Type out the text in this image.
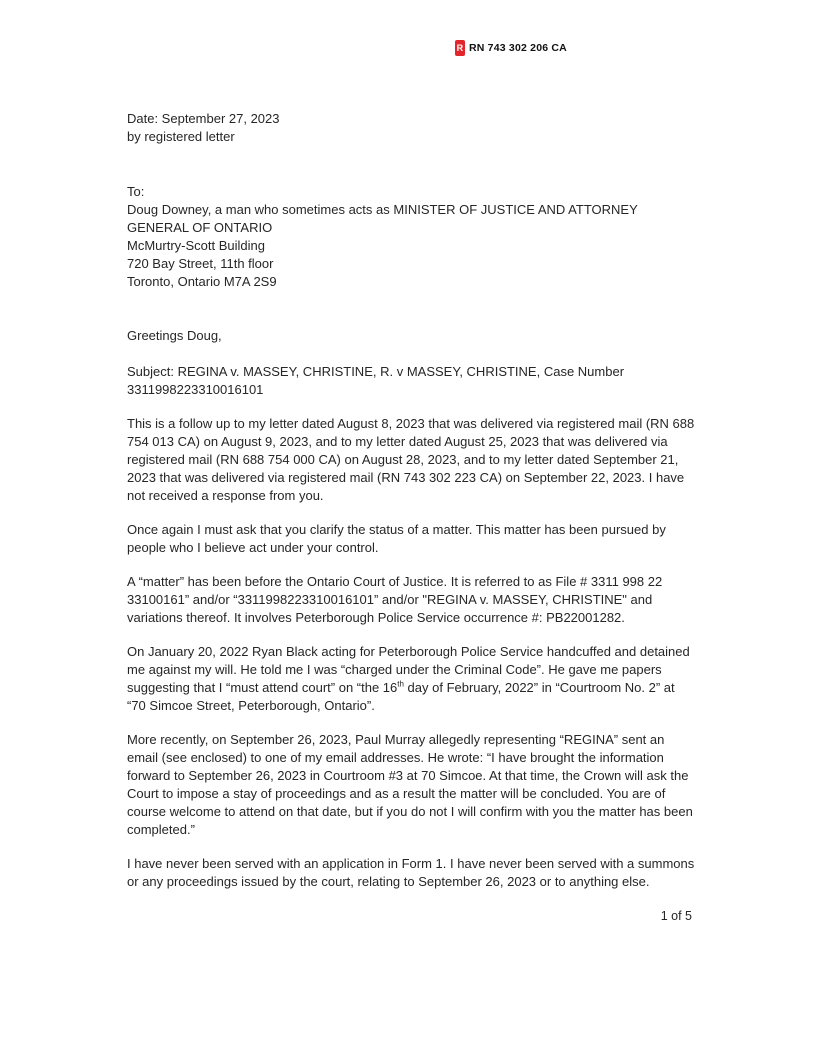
R RN 743 302 206 CA

Date: September 27, 2023

by registered letter

To:

Doug Downey, a man who sometimes acts as MINISTER OF JUSTICE AND ATTORNEY GENERAL OF ONTARIO

McMurtry-Scott Building

720 Bay Street, 11th floor

Toronto, Ontario M7A 2S9

Greetings Doug,

Subject: REGINA v. MASSEY, CHRISTINE, R. v MASSEY, CHRISTINE, Case Number 3311998223310016101

This is a follow up to my letter dated August 8, 2023 that was delivered via registered mail (RN 688 754 013 CA) on August 9, 2023, and to my letter dated August 25, 2023 that was delivered via registered mail (RN 688 754 000 CA) on August 28, 2023, and to my letter dated September 21, 2023 that was delivered via registered mail (RN 743 302 223 CA) on September 22, 2023. I have not received a response from you.

Once again I must ask that you clarify the status of a matter. This matter has been pursued by people who I believe act under your control.

A “matter” has been before the Ontario Court of Justice. It is referred to as File # 3311 998 22 33100161” and/or “3311998223310016101” and/or "REGINA v. MASSEY, CHRISTINE" and variations thereof. It involves Peterborough Police Service occurrence #: PB22001282.

On January 20, 2022 Ryan Black acting for Peterborough Police Service handcuffed and detained me against my will. He told me I was “charged under the Criminal Code”. He gave me papers suggesting that I “must attend court” on “the 16th day of February, 2022” in “Courtroom No. 2” at “70 Simcoe Street, Peterborough, Ontario”.

More recently, on September 26, 2023, Paul Murray allegedly representing “REGINA” sent an email (see enclosed) to one of my email addresses. He wrote: “I have brought the information forward to September 26, 2023 in Courtroom #3 at 70 Simcoe. At that time, the Crown will ask the Court to impose a stay of proceedings and as a result the matter will be concluded. You are of course welcome to attend on that date, but if you do not I will confirm with you the matter has been completed.”

I have never been served with an application in Form 1. I have never been served with a summons or any proceedings issued by the court, relating to September 26, 2023 or to anything else.

1 of 5
